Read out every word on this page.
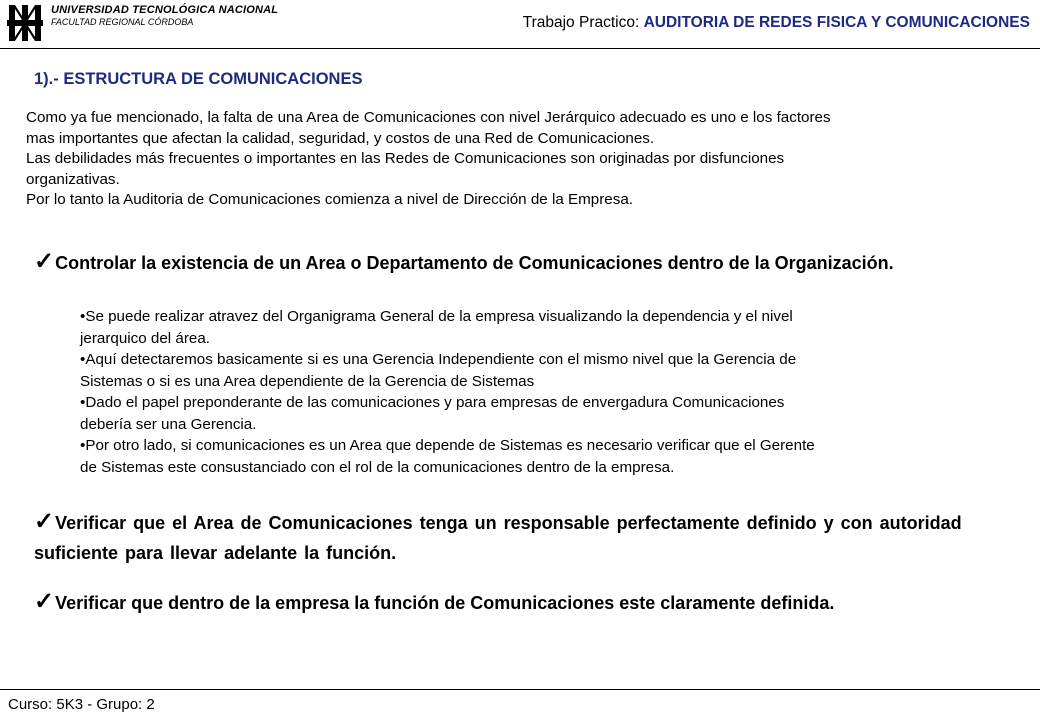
UNIVERSIDAD TECNOLÓGICA NACIONAL
FACULTAD REGIONAL CÓRDOBA	Trabajo Practico: AUDITORIA DE REDES FISICA Y COMUNICACIONES
1).- ESTRUCTURA DE COMUNICACIONES

Como ya fue mencionado, la falta de una Area de Comunicaciones con nivel Jerárquico adecuado es uno e los factores

mas importantes que afectan la calidad, seguridad, y costos de una Red de Comunicaciones.

Las debilidades más frecuentes o importantes en las Redes de Comunicaciones son originadas por disfunciones

organizativas.

Por lo tanto la Auditoria de Comunicaciones comienza a nivel de Dirección de la Empresa.

✓Controlar la existencia de un Area o Departamento de Comunicaciones dentro de la Organización.

•Se puede realizar atravez del Organigrama General de la empresa visualizando la dependencia y el nivel

jerarquico del área.

•Aquí detectaremos basicamente si es una Gerencia Independiente con el mismo nivel que la Gerencia de

Sistemas o si es una Area dependiente de la Gerencia de Sistemas

•Dado el papel preponderante de las comunicaciones y para empresas de envergadura Comunicaciones

debería ser una Gerencia.

•Por otro lado, si comunicaciones es un Area que depende de Sistemas es necesario verificar que el Gerente

de Sistemas este consustanciado con el rol de la comunicaciones dentro de la empresa.

✓Verificar que el Area de Comunicaciones tenga un responsable perfectamente definido y con autoridad suficiente para llevar adelante la función.
✓Verificar que dentro de la empresa la función de Comunicaciones este claramente definida.
Curso: 5K3 - Grupo: 2
